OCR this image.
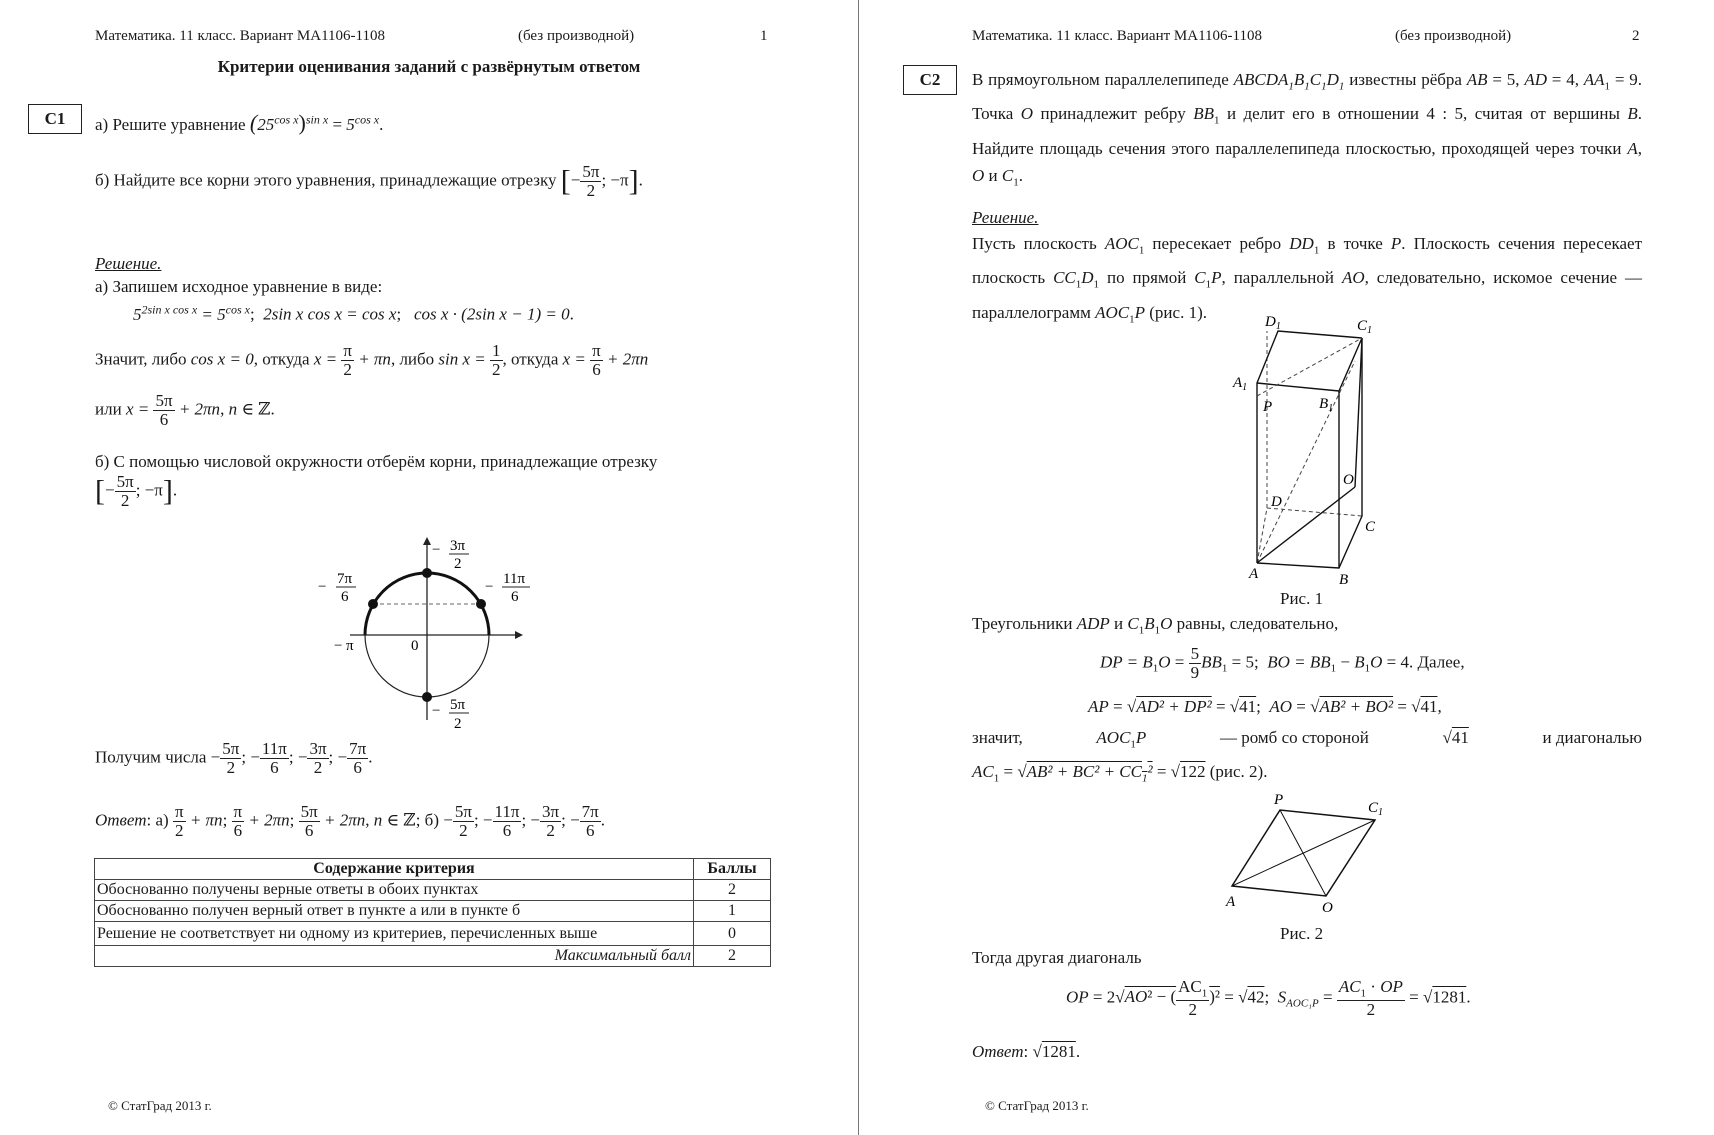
Математика. 11 класс. Вариант МА1106-1108	(без производной)	1
Критерии оценивания заданий с развёрнутым ответом
С1	а) Решите уравнение $(25^{cos x})^{sin x} = 5^{cos x}$.
б) Найдите все корни этого уравнения, принадлежащие отрезку [− $\frac{5\pi}{2}$ ; −π].
Решение.
а) Запишем исходное уравнение в виде:
$5^{2sin x cos x} = 5^{cos x}$;  2sin x cos x = cos x;   cos x · (2sin x − 1) = 0.
Значит, либо cos x = 0, откуда $x = \frac{\pi}{2} + \pi n$, либо $\sin x = \frac{1}{2}$ , откуда $x = \frac{\pi}{6} + 2\pi n$
или $x = \frac{5\pi}{6} + 2\pi n$, n ∈ ℤ.
б) С помощью числовой окружности отберём корни, принадлежащие отрезку
[− $\frac{5\pi}{2}$ ; −π].
− 3π
2
− 7π
6
− 11π
6
− π	0
− 5π
2
Получим числа − $\frac{5\pi}{2}$ ; − $\frac{11\pi}{6}$ ; − $\frac{3\pi}{2}$ ; − $\frac{7\pi}{6}$ .
Ответ: $а) \frac{\pi}{2} + \pi n$; $\frac{\pi}{6} + 2\pi n$; $\frac{5\pi}{6} + 2\pi n$, n ∈ ℤ; $б) - \frac{5\pi}{2}$ ; − $\frac{11\pi}{6}$ ; − $\frac{3\pi}{2}$ ; − $\frac{7\pi}{6}$ .
Содержание критерия	Баллы
Обоснованно получены верные ответы в обоих пунктах	2
Обоснованно получен верный ответ в пункте а или в пункте б	1
Решение не соответствует ни одному из критериев, перечисленных выше	0
Максимальный балл	2
© СтатГрад 2013 г.
Математика. 11 класс. Вариант МА1106-1108	(без производной)	2
С2	В прямоугольном параллелепипеде $ABCDA_1B_1C_1D_1$ известны рёбра AB = 5, AD = 4, $AA_1 = 9$. Точка O принадлежит ребру $BB_1$ и делит его в отношении 4 : 5, считая от вершины B. Найдите площадь сечения этого параллелепипеда плоскостью, проходящей через точки A, O и $C_1$.
Решение.
Пусть плоскость $AOC_1$ пересекает ребро $DD_1$ в точке P. Плоскость сечения пересекает плоскость $CC_1D_1$ по прямой $C_1P$, параллельной AO, следовательно, искомое сечение — параллелограмм $AOC_1P$ (рис. 1).
$D_1$	$C_1$
$A_1$
P	$B_1$
O
D
C
A	B
Рис. 1
Треугольники ADP и $C_1B_1O$ равны, следовательно,
DP = $B_1O = \frac{5}{9} BB_1 = 5$;  BO = $BB_1 - B_1O = 4$. Далее,
AP = √AD² + DP² = √41;  AO = √AB² + BO² = √41,
значит,	$AOC_1P$	— ромб со стороной	√41	и диагональю
$AC_1 = √AB^2 + BC^2 + CC_1^2 = √122$ (рис. 2).
P	$C_1$
A	O
Рис. 2
Тогда другая диагональ
OP = 2√AO² − ( $\frac{AC_1}{2} )^2 = √42$;  $S_{AOC_1P} = \frac{AC_1 \cdot OP}{2} = √1281$.
Ответ: √1281.
© СтатГрад 2013 г.
